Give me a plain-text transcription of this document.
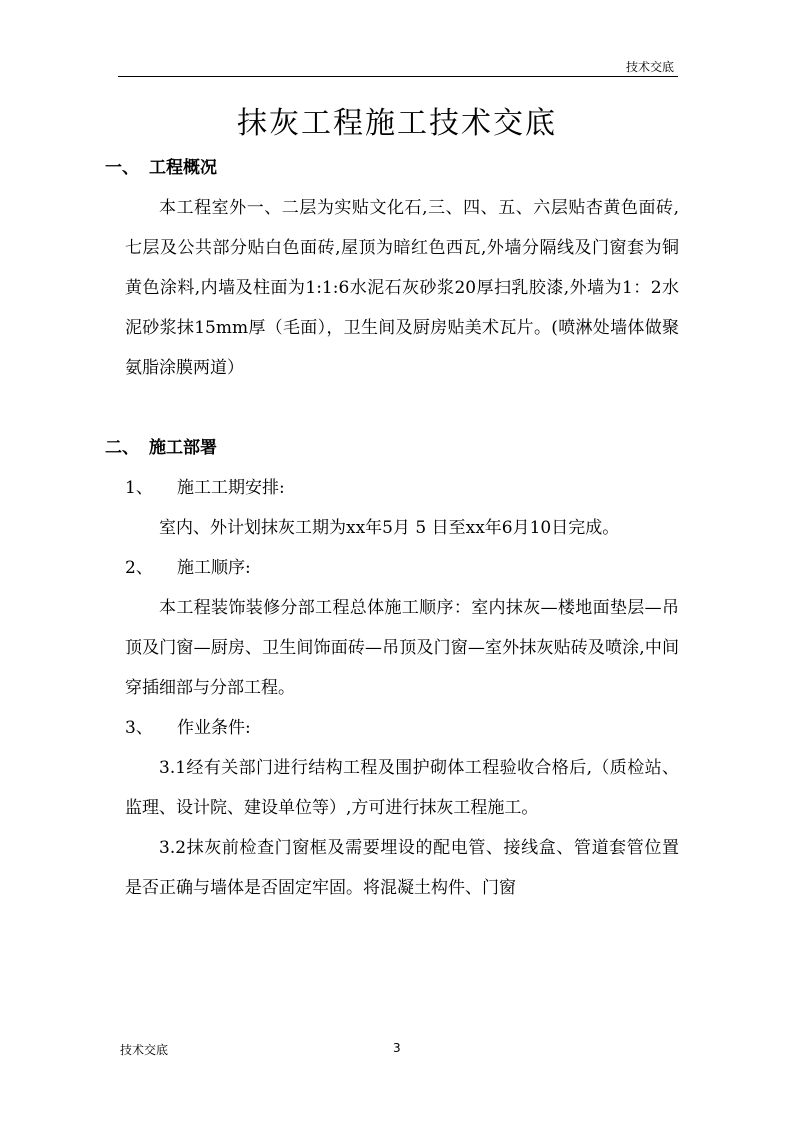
技术交底
抹灰工程施工技术交底
一、 工程概况
本工程室外一、二层为实贴文化石,三、四、五、六层贴杏黄色面砖,七层及公共部分贴白色面砖,屋顶为暗红色西瓦,外墙分隔线及门窗套为铜黄色涂料,内墙及柱面为1:1:6水泥石灰砂浆20厚扫乳胶漆,外墙为1：2水泥砂浆抹15mm厚（毛面），卫生间及厨房贴美术瓦片。(喷淋处墙体做聚氨脂涂膜两道）
二、 施工部署
1、 施工工期安排:
室内、外计划抹灰工期为xx年5月 5 日至xx年6月10日完成。
2、 施工顺序:
本工程装饰装修分部工程总体施工顺序：室内抹灰—楼地面垫层—吊顶及门窗—厨房、卫生间饰面砖—吊顶及门窗—室外抹灰贴砖及喷涂,中间穿插细部与分部工程。
3、 作业条件:
3.1经有关部门进行结构工程及围护砌体工程验收合格后,（质检站、监理、设计院、建设单位等）,方可进行抹灰工程施工。
3.2抹灰前检查门窗框及需要埋设的配电管、接线盒、管道套管位置是否正确与墙体是否固定牢固。将混凝土构件、门窗
技术交底	3
